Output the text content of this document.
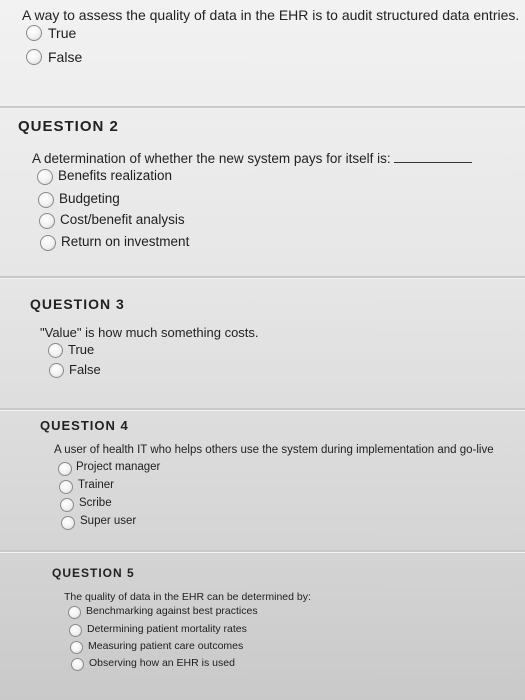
A way to assess the quality of data in the EHR is to audit structured data entries.
True
False
QUESTION 2
A determination of whether the new system pays for itself is:
Benefits realization
Budgeting
Cost/benefit analysis
Return on investment
QUESTION 3
"Value" is how much something costs.
True
False
QUESTION 4
A user of health IT who helps others use the system during implementation and go-live
Project manager
Trainer
Scribe
Super user
QUESTION 5
The quality of data in the EHR can be determined by:
Benchmarking against best practices
Determining patient mortality rates
Measuring patient care outcomes
Observing how an EHR is used
